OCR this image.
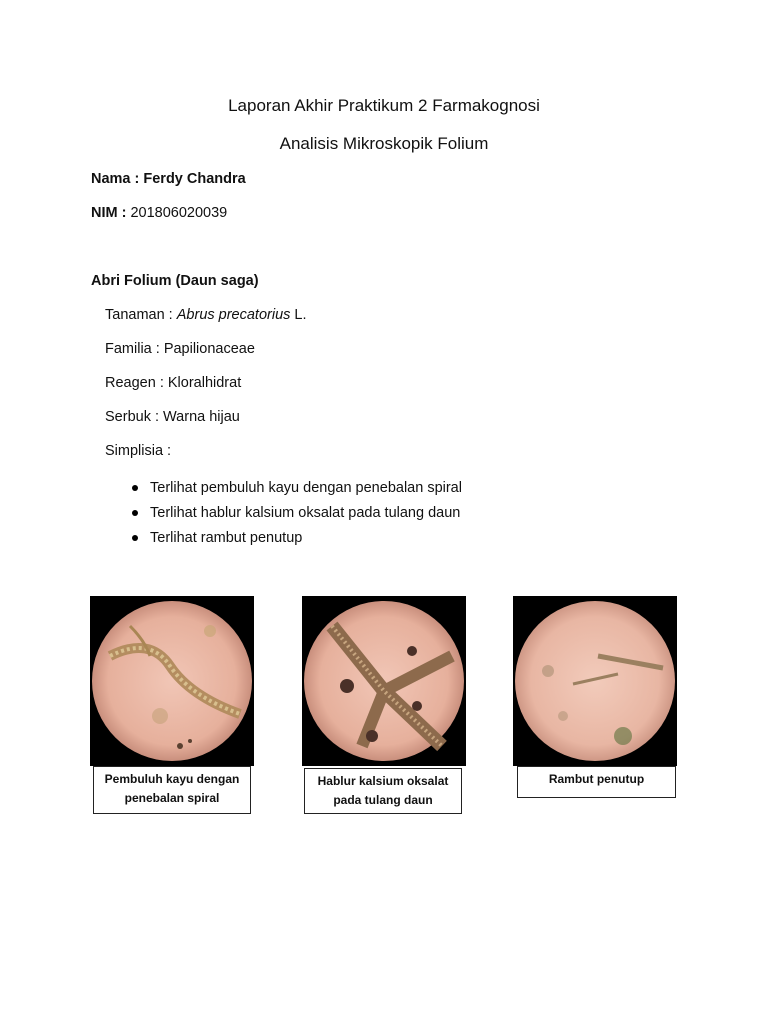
Laporan Akhir Praktikum 2 Farmakognosi
Analisis Mikroskopik Folium
Nama : Ferdy Chandra
NIM : 201806020039
Abri Folium (Daun saga)
Tanaman : Abrus precatorius L.
Familia : Papilionaceae
Reagen : Kloralhidrat
Serbuk : Warna hijau
Simplisia :
Terlihat pembuluh kayu dengan penebalan spiral
Terlihat hablur kalsium oksalat pada tulang daun
Terlihat rambut penutup
Pembuluh kayu dengan
penebalan spiral
Hablur kalsium oksalat
pada tulang daun
Rambut penutup
